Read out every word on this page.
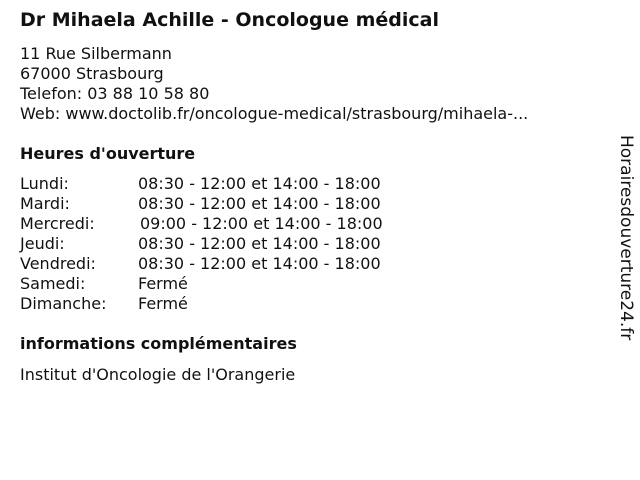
Dr Mihaela Achille - Oncologue médical
11 Rue Silbermann
67000 Strasbourg
Telefon: 03 88 10 58 80
Web: www.doctolib.fr/oncologue-medical/strasbourg/mihaela-...
Heures d'ouverture
Lundi:	08:30 - 12:00 et 14:00 - 18:00
Mardi:	08:30 - 12:00 et 14:00 - 18:00
Mercredi:	09:00 - 12:00 et 14:00 - 18:00
Jeudi:	08:30 - 12:00 et 14:00 - 18:00
Vendredi:	08:30 - 12:00 et 14:00 - 18:00
Samedi:	Fermé
Dimanche: Fermé
informations complémentaires
Institut d'Oncologie de l'Orangerie
Horairesdouverture24.fr
